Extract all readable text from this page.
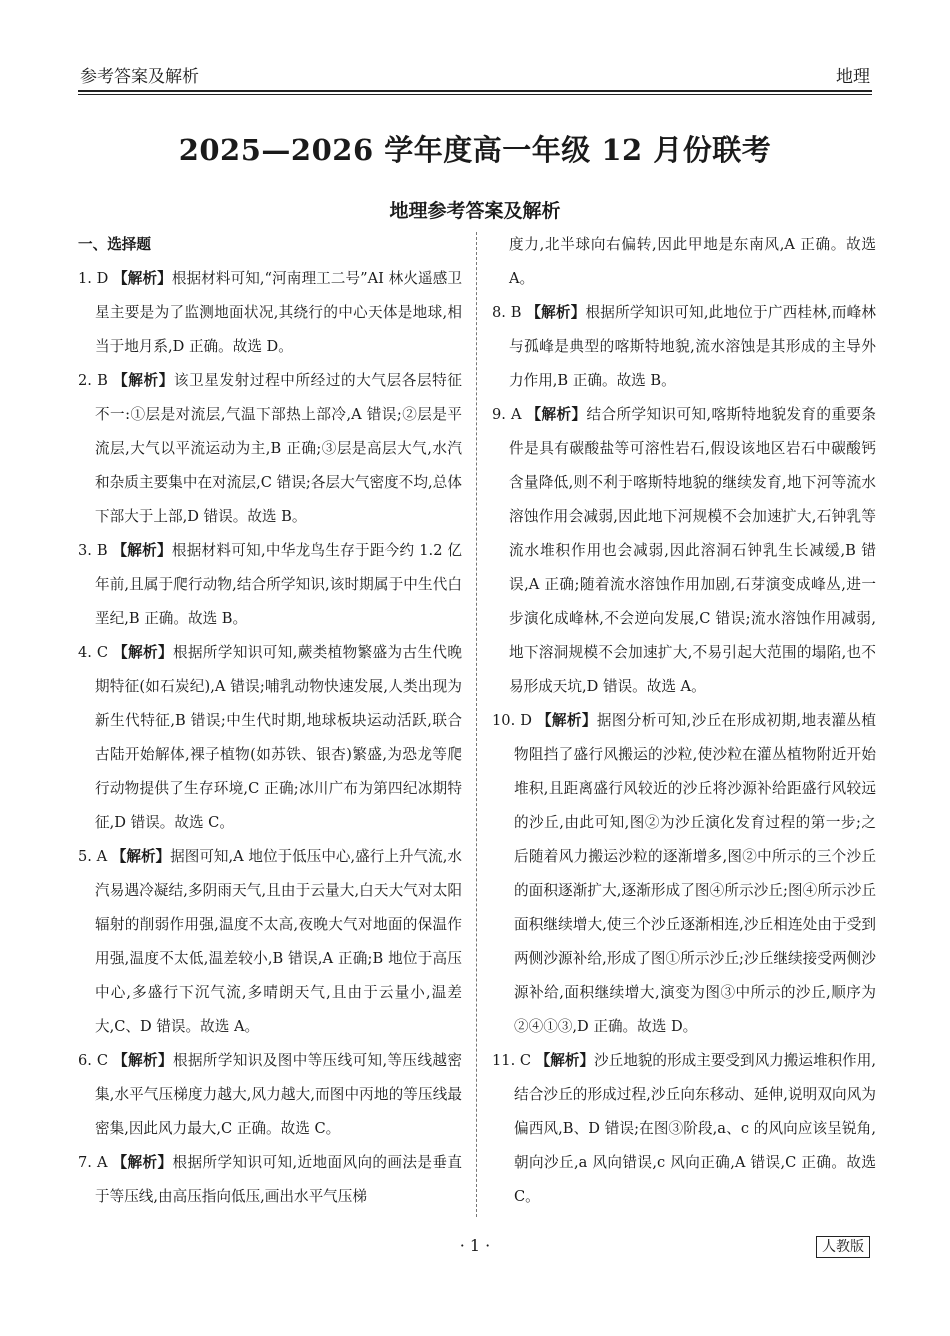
参考答案及解析	地理
2025—2026 学年度高一年级 12 月份联考
地理参考答案及解析
一、选择题
1. D 【解析】根据材料可知,“河南理工二号”AI 林火遥感卫星主要是为了监测地面状况,其绕行的中心天体是地球,相当于地月系,D 正确。故选 D。
2. B 【解析】该卫星发射过程中所经过的大气层各层特征不一:①层是对流层,气温下部热上部冷,A 错误;②层是平流层,大气以平流运动为主,B 正确;③层是高层大气,水汽和杂质主要集中在对流层,C 错误;各层大气密度不均,总体下部大于上部,D 错误。故选 B。
3. B 【解析】根据材料可知,中华龙鸟生存于距今约 1.2 亿年前,且属于爬行动物,结合所学知识,该时期属于中生代白垩纪,B 正确。故选 B。
4. C 【解析】根据所学知识可知,蕨类植物繁盛为古生代晚期特征(如石炭纪),A 错误;哺乳动物快速发展,人类出现为新生代特征,B 错误;中生代时期,地球板块运动活跃,联合古陆开始解体,裸子植物(如苏铁、银杏)繁盛,为恐龙等爬行动物提供了生存环境,C 正确;冰川广布为第四纪冰期特征,D 错误。故选 C。
5. A 【解析】据图可知,A 地位于低压中心,盛行上升气流,水汽易遇冷凝结,多阴雨天气,且由于云量大,白天大气对太阳辐射的削弱作用强,温度不太高,夜晚大气对地面的保温作用强,温度不太低,温差较小,B 错误,A 正确;B 地位于高压中心,多盛行下沉气流,多晴朗天气,且由于云量小,温差大,C、D 错误。故选 A。
6. C 【解析】根据所学知识及图中等压线可知,等压线越密集,水平气压梯度力越大,风力越大,而图中丙地的等压线最密集,因此风力最大,C 正确。故选 C。
7. A 【解析】根据所学知识可知,近地面风向的画法是垂直于等压线,由高压指向低压,画出水平气压梯
度力,北半球向右偏转,因此甲地是东南风,A 正确。故选 A。
8. B 【解析】根据所学知识可知,此地位于广西桂林,而峰林与孤峰是典型的喀斯特地貌,流水溶蚀是其形成的主导外力作用,B 正确。故选 B。
9. A 【解析】结合所学知识可知,喀斯特地貌发育的重要条件是具有碳酸盐等可溶性岩石,假设该地区岩石中碳酸钙含量降低,则不利于喀斯特地貌的继续发育,地下河等流水溶蚀作用会减弱,因此地下河规模不会加速扩大,石钟乳等流水堆积作用也会减弱,因此溶洞石钟乳生长减缓,B 错误,A 正确;随着流水溶蚀作用加剧,石芽演变成峰丛,进一步演化成峰林,不会逆向发展,C 错误;流水溶蚀作用减弱,地下溶洞规模不会加速扩大,不易引起大范围的塌陷,也不易形成天坑,D 错误。故选 A。
10. D 【解析】据图分析可知,沙丘在形成初期,地表灌丛植物阻挡了盛行风搬运的沙粒,使沙粒在灌丛植物附近开始堆积,且距离盛行风较近的沙丘将沙源补给距盛行风较远的沙丘,由此可知,图②为沙丘演化发育过程的第一步;之后随着风力搬运沙粒的逐渐增多,图②中所示的三个沙丘的面积逐渐扩大,逐渐形成了图④所示沙丘;图④所示沙丘面积继续增大,使三个沙丘逐渐相连,沙丘相连处由于受到两侧沙源补给,形成了图①所示沙丘;沙丘继续接受两侧沙源补给,面积继续增大,演变为图③中所示的沙丘,顺序为②④①③,D 正确。故选 D。
11. C 【解析】沙丘地貌的形成主要受到风力搬运堆积作用,结合沙丘的形成过程,沙丘向东移动、延伸,说明双向风为偏西风,B、D 错误;在图③阶段,a、c 的风向应该呈锐角,朝向沙丘,a 风向错误,c 风向正确,A 错误,C 正确。故选 C。
· 1 ·	人教版
